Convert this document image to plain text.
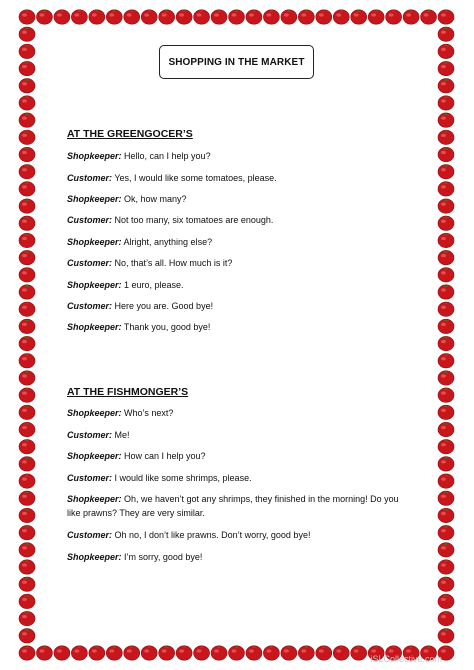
SHOPPING IN THE MARKET
AT THE GREENGOCER’S
Shopkeeper: Hello, can I help you?
Customer: Yes, I would like some tomatoes, please.
Shopkeeper: Ok, how many?
Customer: Not too many, six tomatoes are enough.
Shopkeeper: Alright, anything else?
Customer: No, that’s all. How much is it?
Shopkeeper: 1 euro, please.
Customer: Here you are. Good bye!
Shopkeeper: Thank you, good bye!
AT THE FISHMONGER’S
Shopkeeper: Who’s next?
Customer: Me!
Shopkeeper: How can I help you?
Customer: I would like some shrimps, please.
Shopkeeper: Oh, we haven’t got any shrimps, they finished in the morning! Do you like prawns? They are very similar.
Customer: Oh no, I don’t like prawns. Don’t worry, good bye!
Shopkeeper: I’m sorry, good bye!
iSLCollective.com
